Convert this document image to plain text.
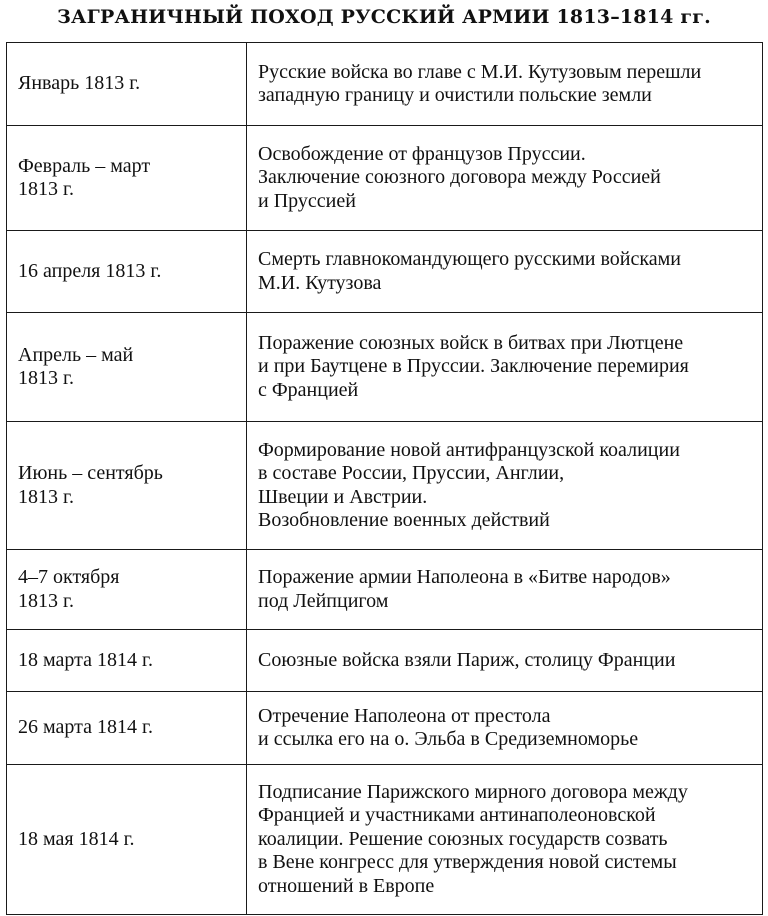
ЗАГРАНИЧНЫЙ ПОХОД РУССКИЙ АРМИИ 1813–1814 гг.
Январь 1813 г.	Русские войска во главе с М.И. Кутузовым перешли
западную границу и очистили польские земли
Февраль – март
1813 г.	Освобождение от французов Пруссии.
Заключение союзного договора между Россией
и Пруссией
16 апреля 1813 г.	Смерть главнокомандующего русскими войсками
М.И. Кутузова
Апрель – май
1813 г.	Поражение союзных войск в битвах при Лютцене
и при Баутцене в Пруссии. Заключение перемирия
с Францией
Июнь – сентябрь
1813 г.	Формирование новой антифранцузской коалиции
в составе России, Пруссии, Англии,
Швеции и Австрии.
Возобновление военных действий
4–7 октября
1813 г.	Поражение армии Наполеона в «Битве народов»
под Лейпцигом
18 марта 1814 г.	Союзные войска взяли Париж, столицу Франции
26 марта 1814 г.	Отречение Наполеона от престола
и ссылка его на о. Эльба в Средиземноморье
18 мая 1814 г.	Подписание Парижского мирного договора между
Францией и участниками антинаполеоновской
коалиции. Решение союзных государств созвать
в Вене конгресс для утверждения новой системы
отношений в Европе
